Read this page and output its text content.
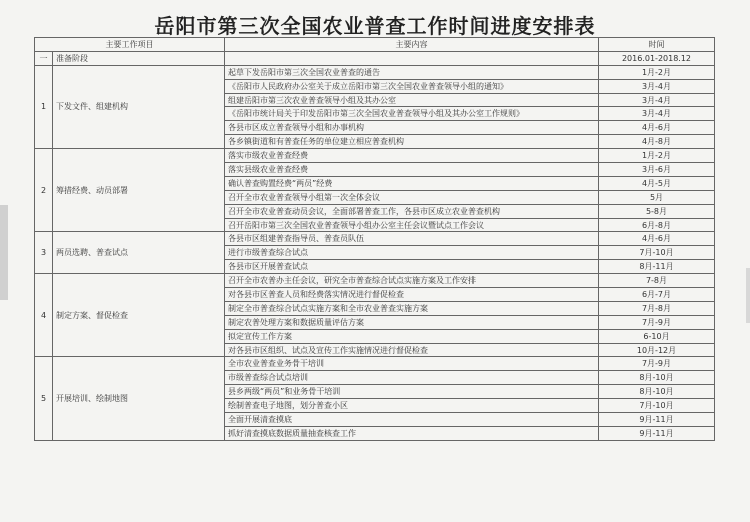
岳阳市第三次全国农业普查工作时间进度安排表
主要工作项目		主要内容	时间
一	准备阶段		2016.01-2018.12
1	下发文件、组建机构	起草下发岳阳市第三次全国农业普查的通告	1月-2月
		《岳阳市人民政府办公室关于成立岳阳市第三次全国农业普查领导小组的通知》	3月-4月
		组建岳阳市第三次农业普查领导小组及其办公室	3月-4月
		《岳阳市统计局关于印发岳阳市第三次全国农业普查领导小组及其办公室工作规则》	3月-4月
		各县市区成立普查领导小组和办事机构	4月-6月
		各乡镇街道和有普查任务的单位建立相应普查机构	4月-8月
2	筹措经费、动员部署	落实市级农业普查经费	1月-2月
		落实县级农业普查经费	3月-6月
		确认普查购置经费“两员”经费	4月-5月
		召开全市农业普查领导小组第一次全体会议	5月
		召开全市农业普查动员会议，全面部署普查工作，各县市区成立农业普查机构	5-8月
		召开岳阳市第三次全国农业普查领导小组办公室主任会议暨试点工作会议	6月-8月
3	两员选聘、普查试点	各县市区组建普查指导员、普查员队伍	4月-6月
		进行市级普查综合试点	7月-10月
		各县市区开展普查试点	8月-11月
4	制定方案、督促检查	召开全市农普办主任会议，研究全市普查综合试点实施方案及工作安排	7-8月
		对各县市区普查人员和经费落实情况进行督促检查	6月-7月
		制定全市普查综合试点实施方案和全市农业普查实施方案	7月-8月
		制定农普处理方案和数据质量评估方案	7月-9月
		拟定宣传工作方案	6-10月
		对各县市区组织、试点及宣传工作实施情况进行督促检查	10月-12月
5	开展培训、绘制地图	全市农业普查业务骨干培训	7月-9月
		市级普查综合试点培训	8月-10月
		县乡两级“两员”和业务骨干培训	8月-10月
		绘制普查电子地图，划分普查小区	7月-10月
		全面开展清查摸底	9月-11月
		抓好清查摸底数据质量抽查核查工作	9月-11月
